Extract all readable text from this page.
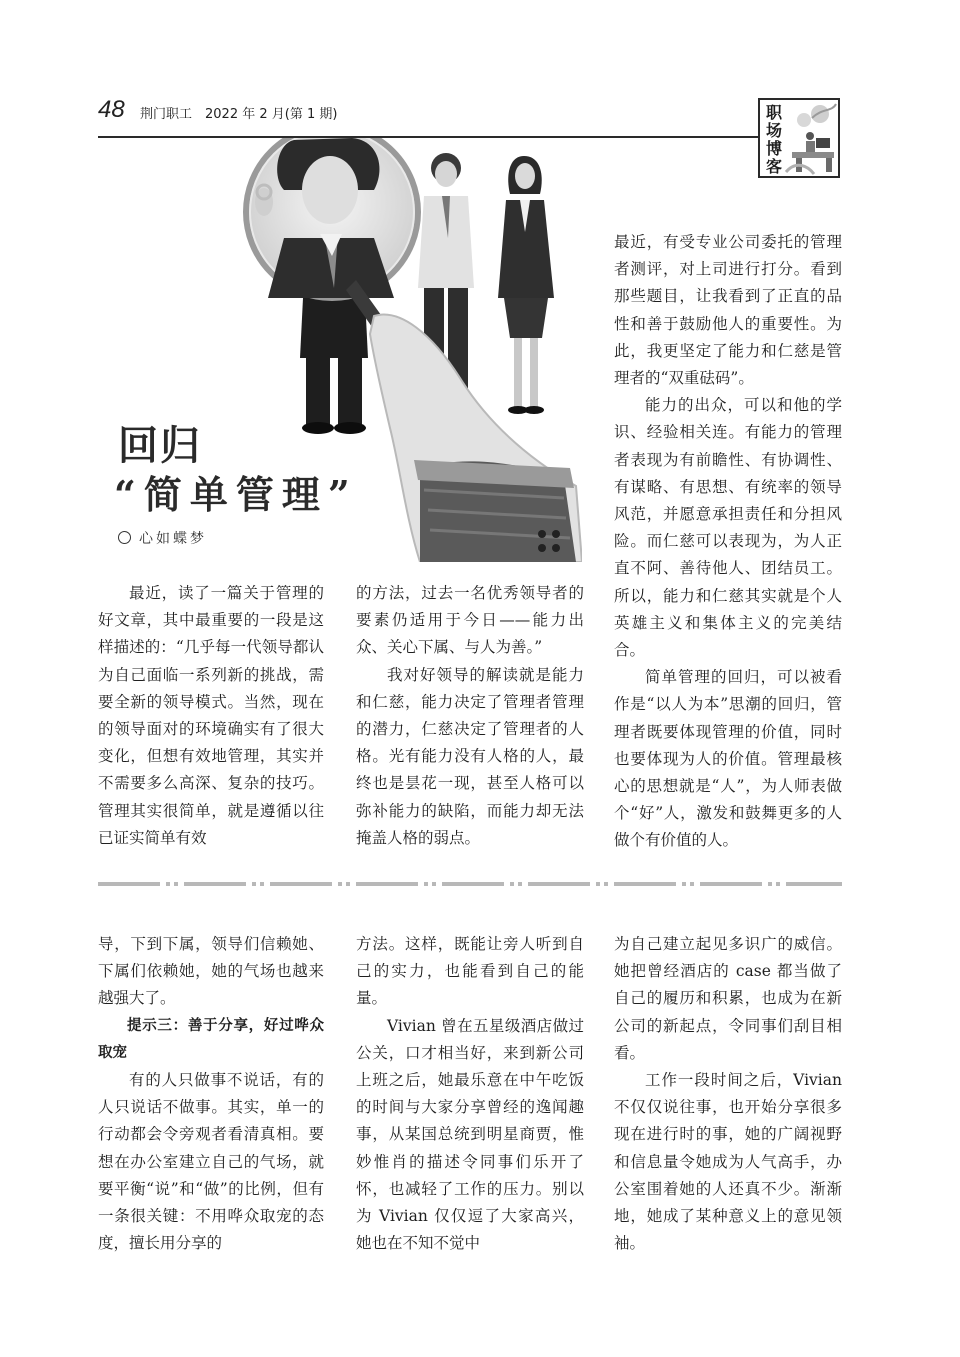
48 荆门职工　2022 年 2 月(第 1 期)	职场博客
回归
“简单管理”
心如蝶梦

最近，读了一篇关于管理的好文章，其中最重要的一段是这样描述的：“几乎每一代领导都认为自己面临一系列新的挑战，需要全新的领导模式。当然，现在的领导面对的环境确实有了很大变化，但想有效地管理，其实并不需要多么高深、复杂的技巧。管理其实很简单，就是遵循以往已证实简单有效

的方法，过去一名优秀领导者的要素仍适用于今日——能力出众、关心下属、与人为善。”

我对好领导的解读就是能力和仁慈，能力决定了管理者管理的潜力，仁慈决定了管理者的人格。光有能力没有人格的人，最终也是昙花一现，甚至人格可以弥补能力的缺陷，而能力却无法掩盖人格的弱点。

最近，有受专业公司委托的管理者测评，对上司进行打分。看到那些题目，让我看到了正直的品性和善于鼓励他人的重要性。为此，我更坚定了能力和仁慈是管理者的“双重砝码”。

能力的出众，可以和他的学识、经验相关连。有能力的管理者表现为有前瞻性、有协调性、有谋略、有思想、有统率的领导风范，并愿意承担责任和分担风险。而仁慈可以表现为，为人正直不阿、善待他人、团结员工。所以，能力和仁慈其实就是个人英雄主义和集体主义的完美结合。

简单管理的回归，可以被看作是“以人为本”思潮的回归，管理者既要体现管理的价值，同时也要体现为人的价值。管理最核心的思想就是“人”，为人师表做个“好”人，激发和鼓舞更多的人做个有价值的人。

导，下到下属，领导们信赖她、下属们依赖她，她的气场也越来越强大了。

提示三：善于分享，好过哗众取宠

有的人只做事不说话，有的人只说话不做事。其实，单一的行动都会令旁观者看清真相。要想在办公室建立自己的气场，就要平衡“说”和“做”的比例，但有一条很关键：不用哗众取宠的态度，擅长用分享的

方法。这样，既能让旁人听到自己的实力，也能看到自己的能量。

Vivian 曾在五星级酒店做过公关，口才相当好，来到新公司上班之后，她最乐意在中午吃饭的时间与大家分享曾经的逸闻趣事，从某国总统到明星商贾，惟妙惟肖的描述令同事们乐开了怀，也减轻了工作的压力。别以为 Vivian 仅仅逗了大家高兴，她也在不知不觉中

为自己建立起见多识广的威信。她把曾经酒店的 case 都当做了自己的履历和积累，也成为在新公司的新起点，令同事们刮目相看。

工作一段时间之后，Vivian 不仅仅说往事，也开始分享很多现在进行时的事，她的广阔视野和信息量令她成为人气高手，办公室围着她的人还真不少。渐渐地，她成了某种意义上的意见领袖。
